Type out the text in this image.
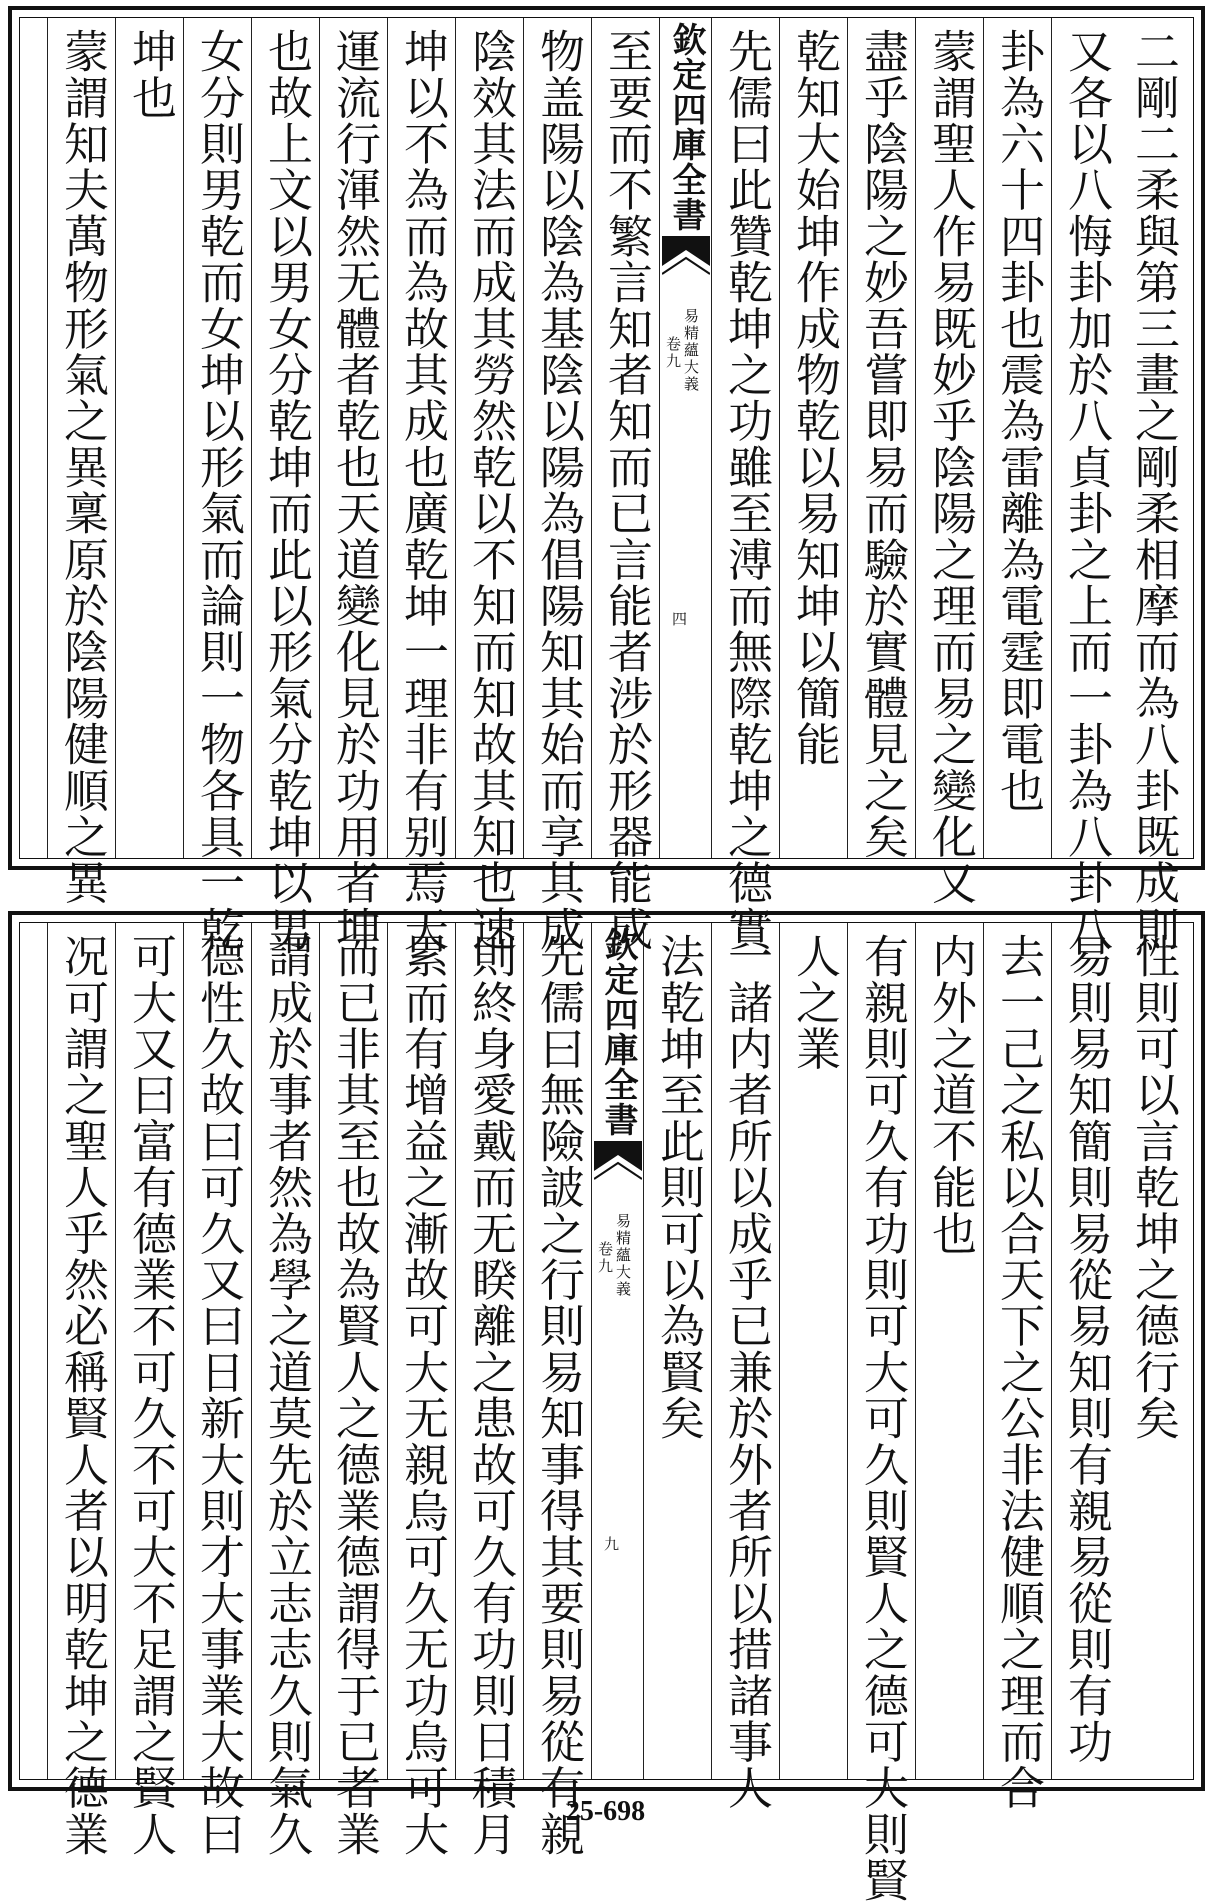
二剛二柔與第三畫之剛柔相摩而為八卦既成則
又各以八悔卦加於八貞卦之上而一卦為八卦八
卦為六十四卦也震為雷離為電霆即電也
蒙謂聖人作易既妙乎陰陽之理而易之變化又
盡乎陰陽之妙吾嘗即易而驗於實體見之矣
乾知大始坤作成物乾以易知坤以簡能
先儒曰此贊乾坤之功雖至溥而無際乾坤之德實
欽定四庫全書
易精蘊大義
卷九
四
至要而不繁言知者知而已言能者涉於形器能成
物盖陽以陰為基陰以陽為倡陽知其始而享其成
陰效其法而成其勞然乾以不知而知故其知也速
坤以不為而為故其成也廣乾坤一理非有别焉天
運流行渾然无體者乾也天道變化見於功用者坤
也故上文以男女分乾坤而此以形氣分乾坤以男
女分則男乾而女坤以形氣而論則一物各具一乾
坤也
蒙謂知夫萬物形氣之異稟原於陰陽健順之異
性則可以言乾坤之德行矣
易則易知簡則易從易知則有親易從則有功
去一己之私以合天下之公非法健順之理而合
内外之道不能也
有親則可久有功則可大可久則賢人之德可大則賢
人之業
一諸内者所以成乎已兼於外者所以措諸事人
法乾坤至此則可以為賢矣
欽定四庫全書
易精蘊大義
卷九
九
先儒曰無險詖之行則易知事得其要則易從有親
則終身愛戴而无睽離之患故可久有功則日積月
累而有增益之漸故可大无親烏可久无功烏可大
而已非其至也故為賢人之德業德謂得于已者業
謂成於事者然為學之道莫先於立志志久則氣久
德性久故曰可久又曰日新大則才大事業大故曰
可大又曰富有德業不可久不可大不足謂之賢人
况可謂之聖人乎然必稱賢人者以明乾坤之德業	25-698
